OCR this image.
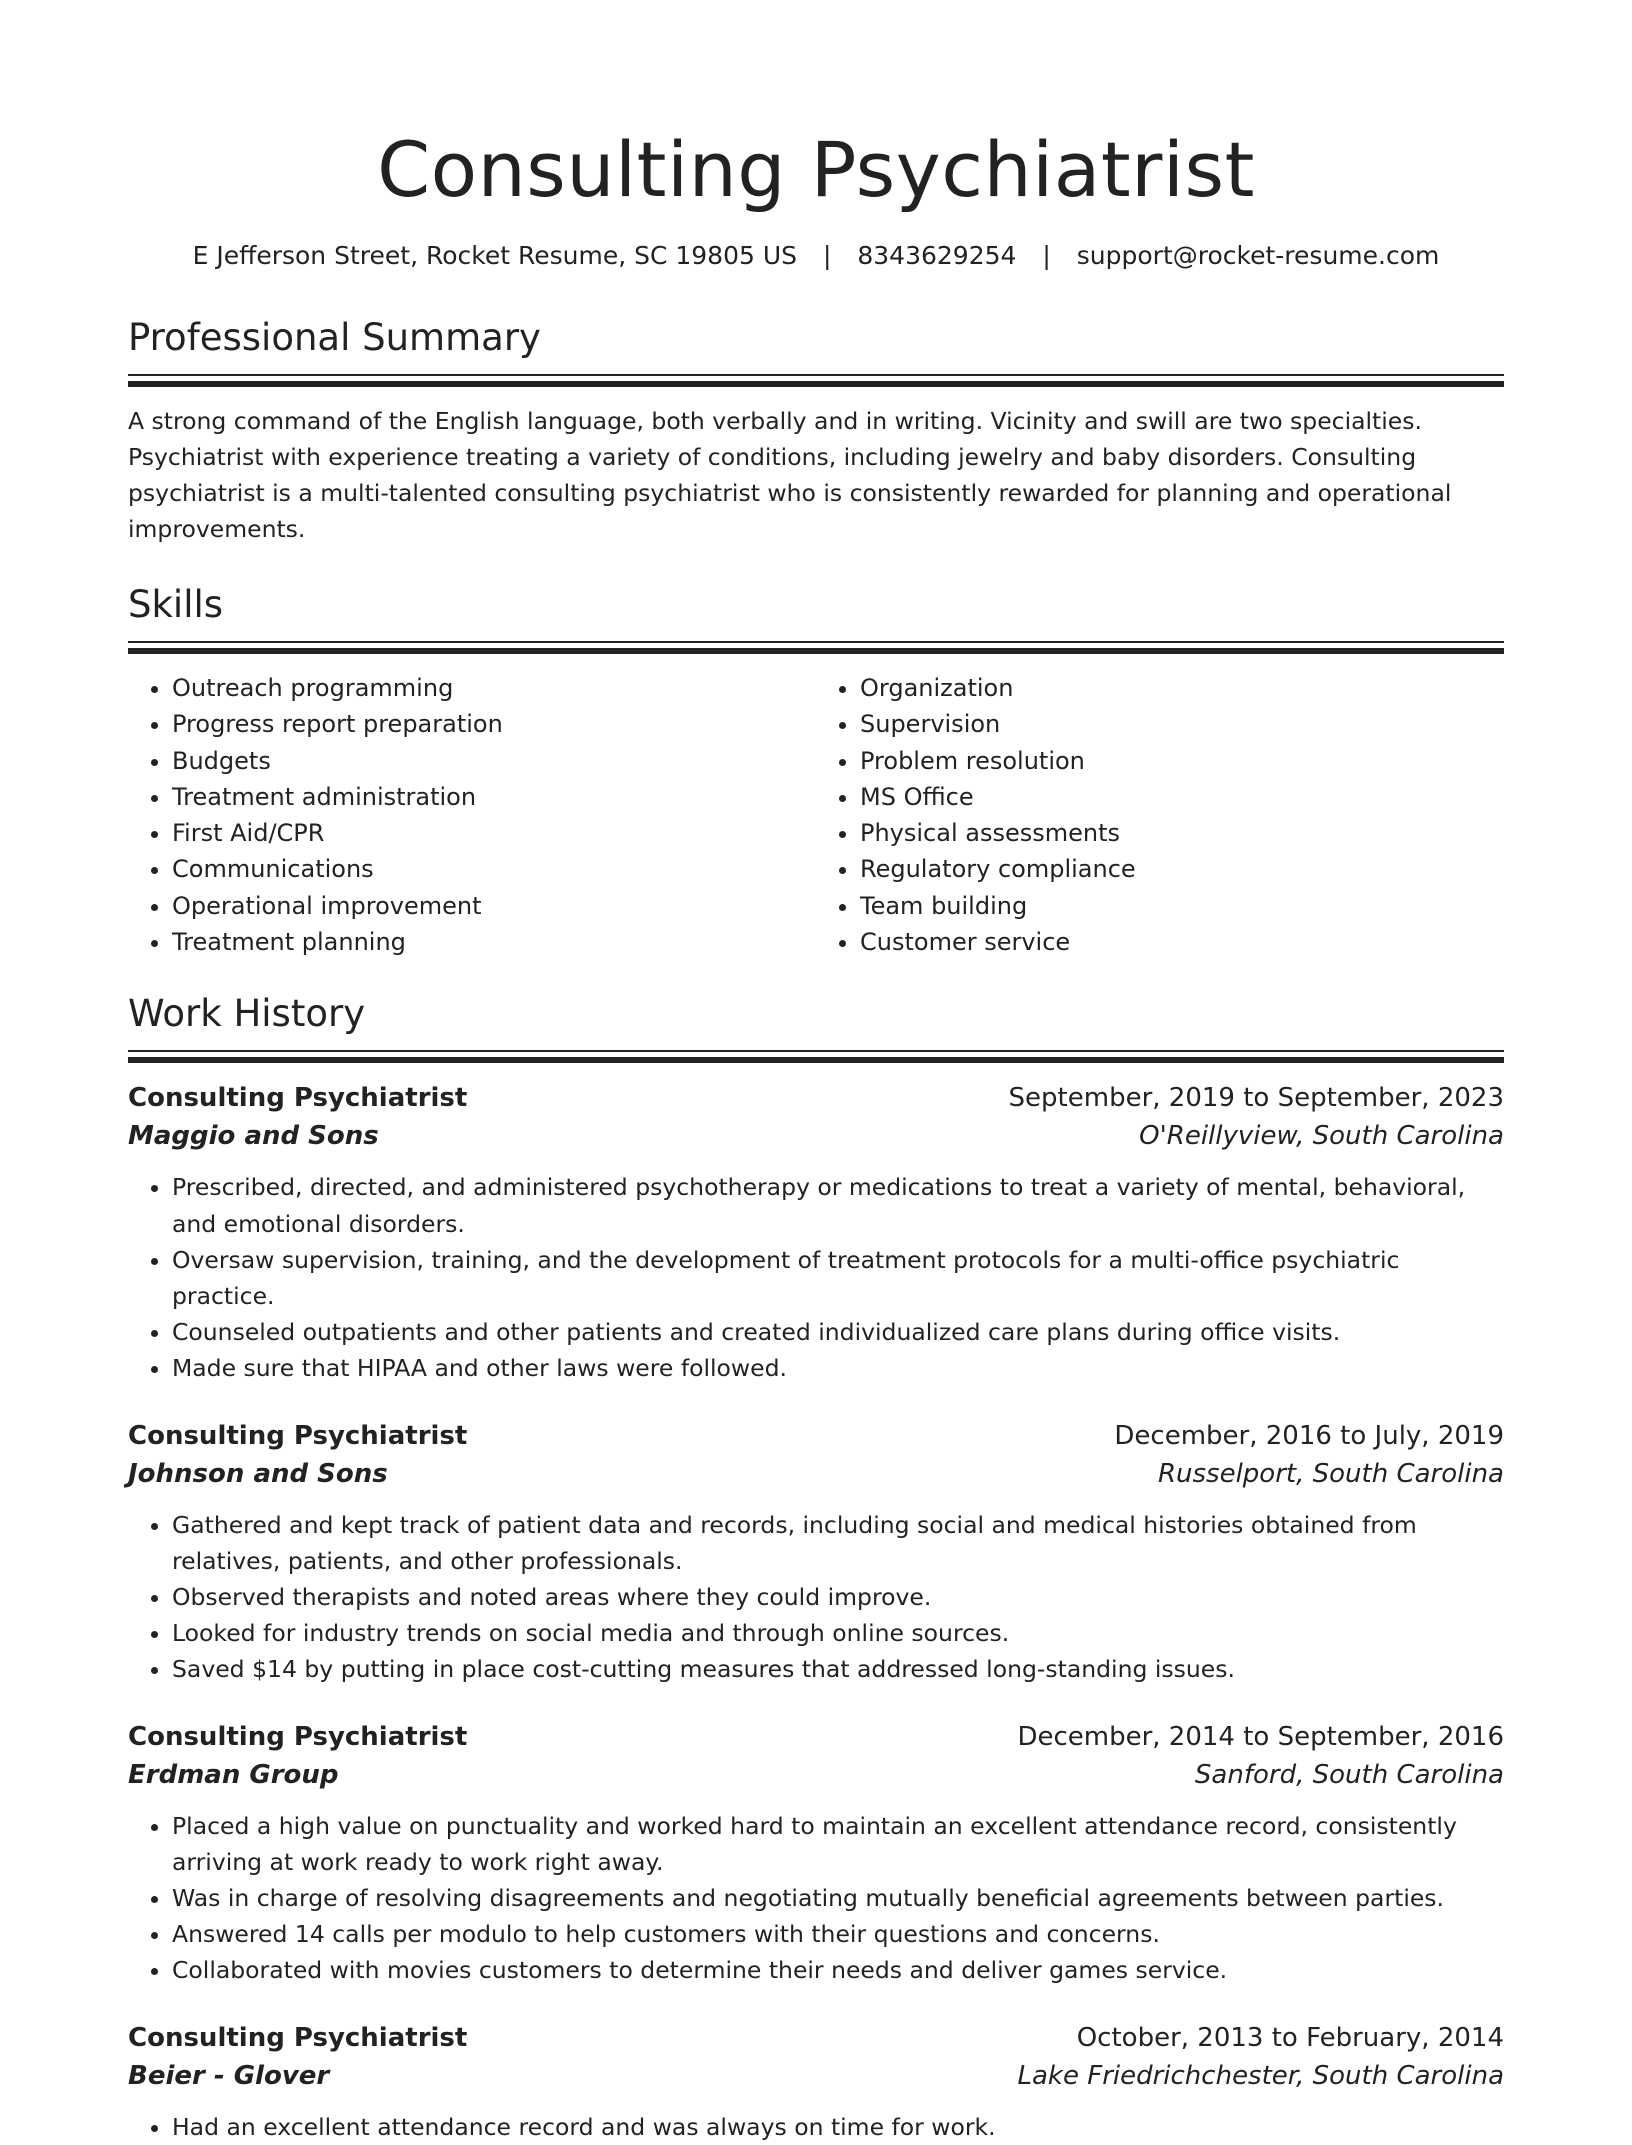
Consulting Psychiatrist
E Jefferson Street, Rocket Resume, SC 19805 US | 8343629254 | support@rocket-resume.com
Professional Summary

A strong command of the English language, both verbally and in writing. Vicinity and swill are two specialties. Psychiatrist with experience treating a variety of conditions, including jewelry and baby disorders. Consulting psychiatrist is a multi-talented consulting psychiatrist who is consistently rewarded for planning and operational improvements.

Skills
• Outreach programming
• Progress report preparation
• Budgets
• Treatment administration
• First Aid/CPR
• Communications
• Operational improvement
• Treatment planning
• Organization
• Supervision
• Problem resolution
• MS Office
• Physical assessments
• Regulatory compliance
• Team building
• Customer service
Work History
Consulting Psychiatrist	September, 2019 to September, 2023
Maggio and Sons	O'Reillyview, South Carolina
• Prescribed, directed, and administered psychotherapy or medications to treat a variety of mental, behavioral, and emotional disorders.
• Oversaw supervision, training, and the development of treatment protocols for a multi-office psychiatric practice.
• Counseled outpatients and other patients and created individualized care plans during office visits.
• Made sure that HIPAA and other laws were followed.
Consulting Psychiatrist	December, 2016 to July, 2019
Johnson and Sons	Russelport, South Carolina
• Gathered and kept track of patient data and records, including social and medical histories obtained from relatives, patients, and other professionals.
• Observed therapists and noted areas where they could improve.
• Looked for industry trends on social media and through online sources.
• Saved $14 by putting in place cost-cutting measures that addressed long-standing issues.
Consulting Psychiatrist	December, 2014 to September, 2016
Erdman Group	Sanford, South Carolina
• Placed a high value on punctuality and worked hard to maintain an excellent attendance record, consistently arriving at work ready to work right away.
• Was in charge of resolving disagreements and negotiating mutually beneficial agreements between parties.
• Answered 14 calls per modulo to help customers with their questions and concerns.
• Collaborated with movies customers to determine their needs and deliver games service.
Consulting Psychiatrist	October, 2013 to February, 2014
Beier - Glover	Lake Friedrichchester, South Carolina
• Had an excellent attendance record and was always on time for work.
